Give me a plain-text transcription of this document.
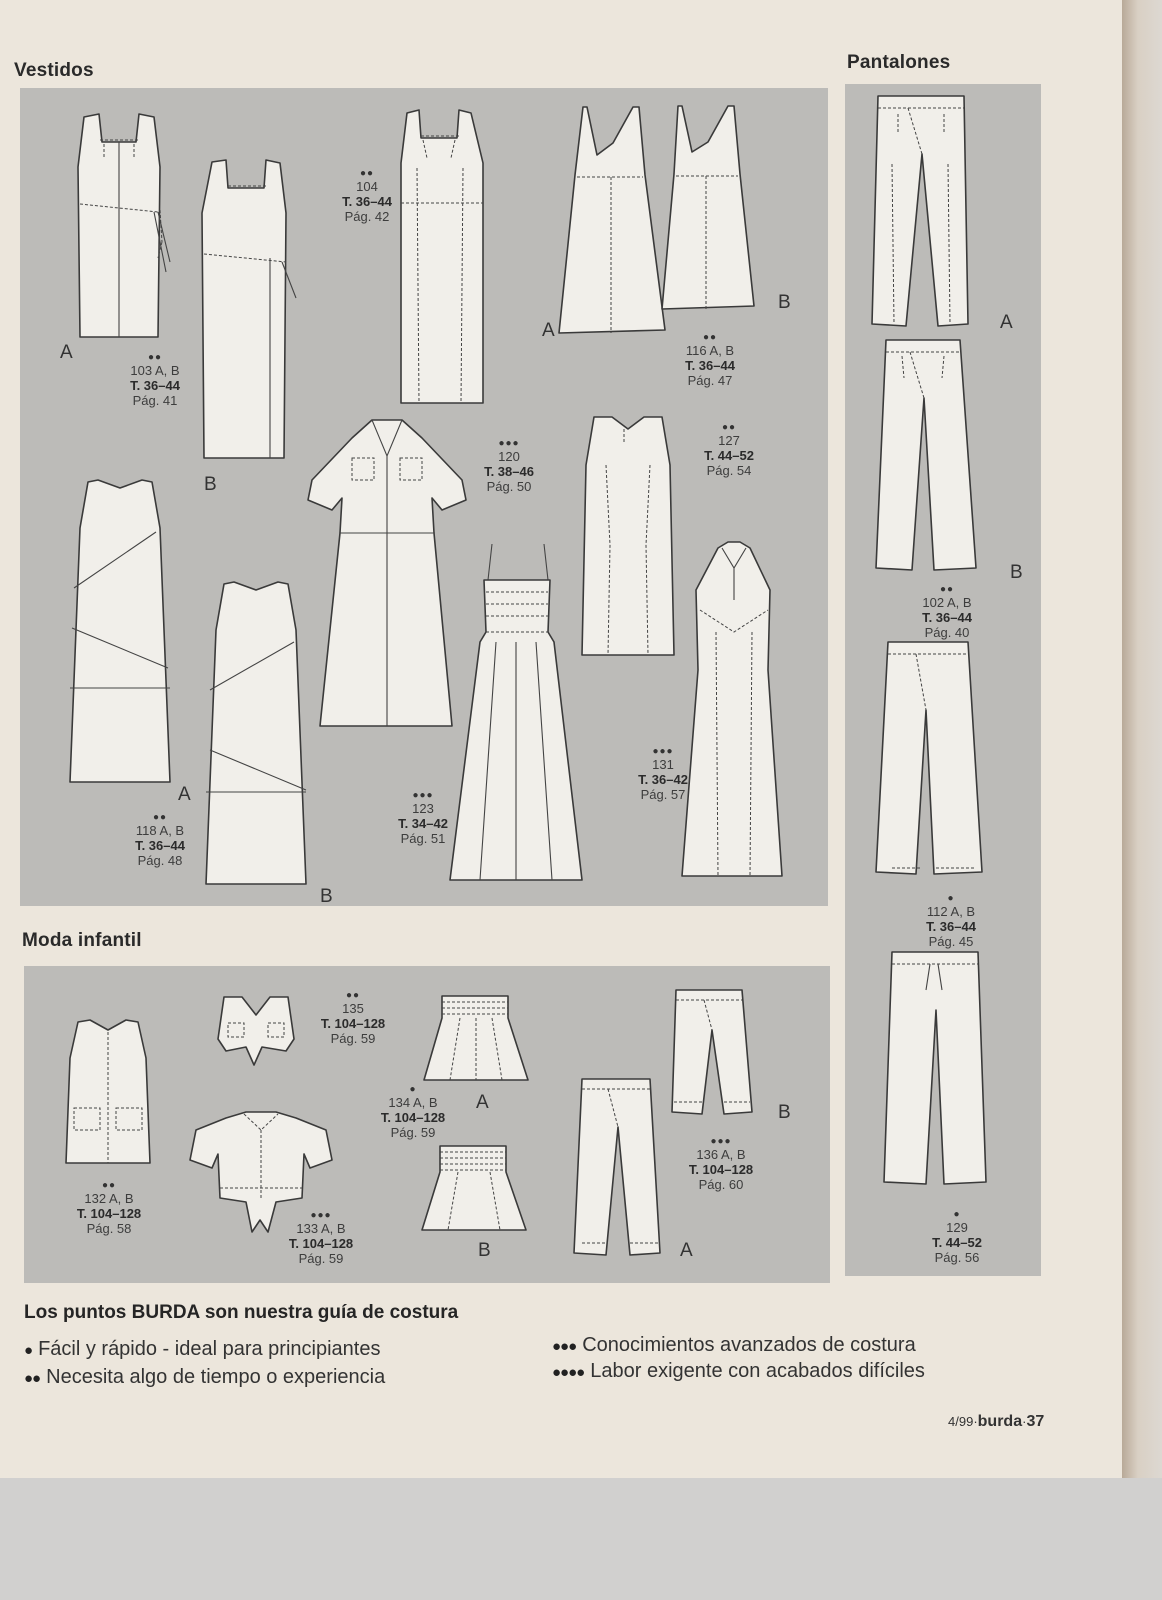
Vestidos	Pantalones
Moda infantil
A
B
A
B
A
B
A
B
A
B	A
B
●●
103 A, B
T. 36–44
Pág. 41
●●
104
T. 36–44
Pág. 42
●●
116 A, B
T. 36–44
Pág. 47
●●●
120
T. 38–46
Pág. 50
●●
127
T. 44–52
Pág. 54
●●
118 A, B
T. 36–44
Pág. 48
●●●
123
T. 34–42
Pág. 51
●●●
131
T. 36–42
Pág. 57
●●
102 A, B
T. 36–44
Pág. 40
●
112 A, B
T. 36–44
Pág. 45
●
129
T. 44–52
Pág. 56
●●
135
T. 104–128
Pág. 59
●
134 A, B
T. 104–128
Pág. 59
●●
132 A, B
T. 104–128
Pág. 58
●●●
133 A, B
T. 104–128
Pág. 59
●●●
136 A, B
T. 104–128
Pág. 60
Los puntos BURDA son nuestra guía de costura
● Fácil y rápido - ideal para principiantes
●● Necesita algo de tiempo o experiencia
●●● Conocimientos avanzados de costura
●●●● Labor exigente con acabados difíciles
4/99·burda·37
